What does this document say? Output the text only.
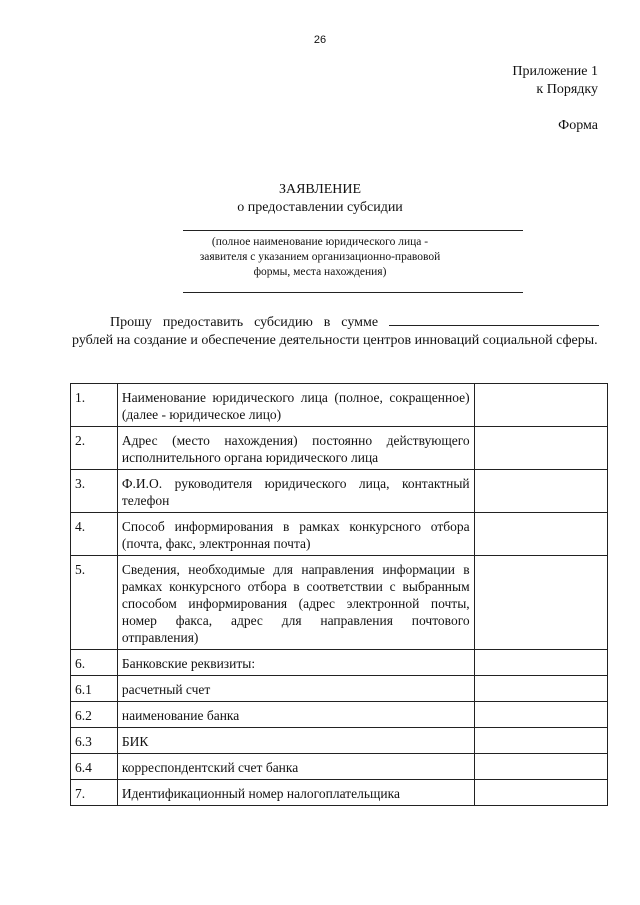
26
Приложение 1
к Порядку
Форма
ЗАЯВЛЕНИЕ
о предоставлении субсидии
(полное наименование юридического лица -
заявителя с указанием организационно-правовой
формы, места нахождения)
Прошу предоставить субсидию в сумме  рублей на создание и обеспечение деятельности центров инноваций социальной сферы.
1.	Наименование юридического лица (полное, сокращенное) (далее - юридическое лицо)	
2.	Адрес (место нахождения) постоянно действующего исполнительного органа юридического лица	
3.	Ф.И.О. руководителя юридического лица, контактный телефон	
4.	Способ информирования в рамках конкурсного отбора (почта, факс, электронная почта)	
5.	Сведения, необходимые для направления информации в рамках конкурсного отбора в соответствии с выбранным способом информирования (адрес электронной почты, номер факса, адрес для направления почтового отправления)	
6.	Банковские реквизиты:	
6.1	расчетный счет	
6.2	наименование банка	
6.3	БИК	
6.4	корреспондентский счет банка	
7.	Идентификационный номер налогоплательщика	
